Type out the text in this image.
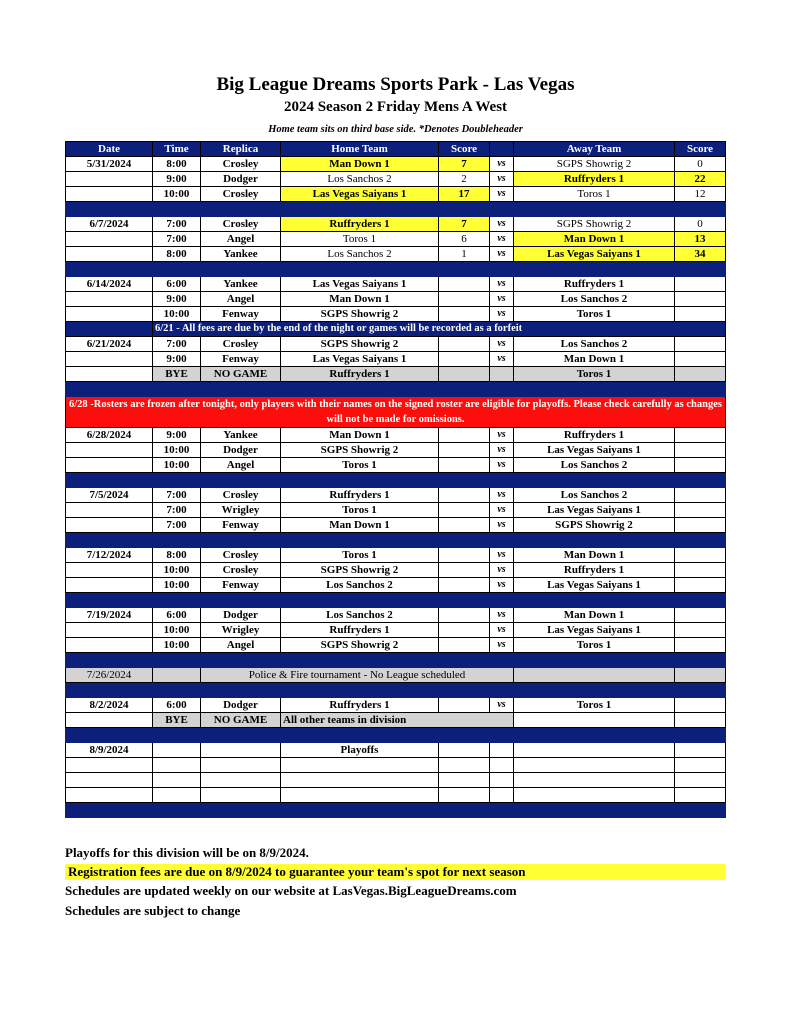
Big League Dreams Sports Park - Las Vegas
2024 Season 2 Friday Mens A West
Home team sits on third base side. *Denotes Doubleheader
Date	Time	Replica	Home Team	Score		Away Team	Score
5/31/2024	8:00	Crosley	Man Down 1	7	vs	SGPS Showrig 2	0
	9:00	Dodger	Los Sanchos 2	2	vs	Ruffryders 1	22
	10:00	Crosley	Las Vegas Saiyans 1	17	vs	Toros 1	12

6/7/2024	7:00	Crosley	Ruffryders 1	7	vs	SGPS Showrig 2	0
	7:00	Angel	Toros 1	6	vs	Man Down 1	13
	8:00	Yankee	Los Sanchos 2	1	vs	Las Vegas Saiyans 1	34

6/14/2024	6:00	Yankee	Las Vegas Saiyans 1		vs	Ruffryders 1	
	9:00	Angel	Man Down 1		vs	Los Sanchos 2	
	10:00	Fenway	SGPS Showrig 2		vs	Toros 1	
	6/21 - All fees are due by the end of the night or games will be recorded as a forfeit						
6/21/2024	7:00	Crosley	SGPS Showrig 2		vs	Los Sanchos 2	
	9:00	Fenway	Las Vegas Saiyans 1		vs	Man Down 1	
	BYE	NO GAME	Ruffryders 1			Toros 1	

6/28 -Rosters are frozen after tonight, only players with their names on the signed roster are eligible for playoffs. Please check carefully as changes will not be made for omissions.							
6/28/2024	9:00	Yankee	Man Down 1		vs	Ruffryders 1	
	10:00	Dodger	SGPS Showrig 2		vs	Las Vegas Saiyans 1	
	10:00	Angel	Toros 1		vs	Los Sanchos 2	

7/5/2024	7:00	Crosley	Ruffryders 1		vs	Los Sanchos 2	
	7:00	Wrigley	Toros 1		vs	Las Vegas Saiyans 1	
	7:00	Fenway	Man Down 1		vs	SGPS Showrig 2	

7/12/2024	8:00	Crosley	Toros 1		vs	Man Down 1	
	10:00	Crosley	SGPS Showrig 2		vs	Ruffryders 1	
	10:00	Fenway	Los Sanchos 2		vs	Las Vegas Saiyans 1	

7/19/2024	6:00	Dodger	Los Sanchos 2		vs	Man Down 1	
	10:00	Wrigley	Ruffryders 1		vs	Las Vegas Saiyans 1	
	10:00	Angel	SGPS Showrig 2		vs	Toros 1	

7/26/2024		Police & Fire tournament - No League scheduled					

8/2/2024	6:00	Dodger	Ruffryders 1		vs	Toros 1	
	BYE	NO GAME	All other teams in division				

8/9/2024			Playoffs				

Playoffs for this division will be on 8/9/2024.
Registration fees are due on 8/9/2024 to guarantee your team's spot for next season
Schedules are updated weekly on our website at LasVegas.BigLeagueDreams.com
Schedules are subject to change
